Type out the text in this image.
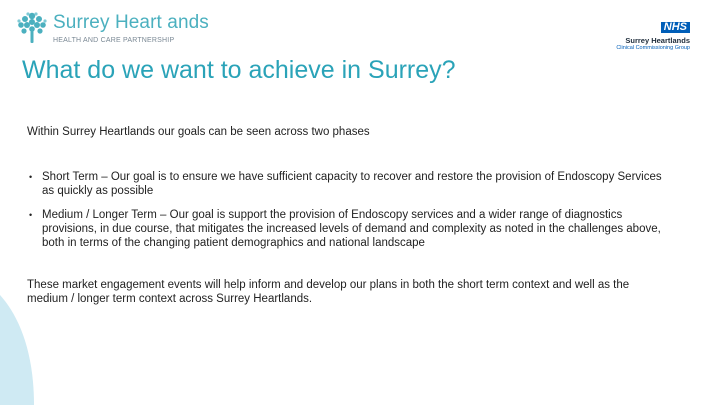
Surrey Heart ands
HEALTH AND CARE PARTNERSHIP
NHS
Surrey Heartlands
Clinical Commissioning Group
What do we want to achieve in Surrey?

Within Surrey Heartlands our goals can be seen across two phases

• Short Term – Our goal is to ensure we have sufficient capacity to recover and restore the provision of Endoscopy Services as quickly as possible
• Medium / Longer Term – Our goal is support the provision of Endoscopy services and a wider range of diagnostics provisions, in due course, that mitigates the increased levels of demand and complexity as noted in the challenges above, both in terms of the changing patient demographics and national landscape

These market engagement events will help inform and develop our plans in both the short term context and well as the medium / longer term context across Surrey Heartlands.
